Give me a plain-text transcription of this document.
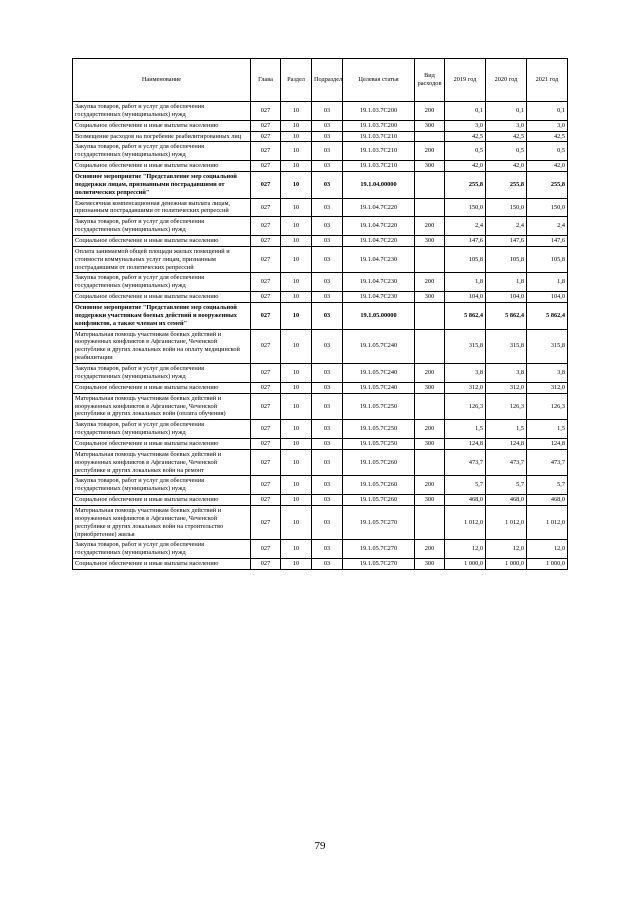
Наименование	Глава	Раздел	Подраздел	Целевая статья	Вид расходов	2019 год	2020 год	2021 год
Закупка товаров, работ и услуг для обеспечения государственных (муниципальных) нужд	027	10	03	19.1.03.7С200	200	0,1	0,1	0,1
Социальное обеспечение и иные выплаты населению	027	10	03	19.1.03.7С200	300	3,0	3,0	3,0
Возмещение расходов на погребение реабилитированных лиц	027	10	03	19.1.03.7С210		42,5	42,5	42,5
Закупка товаров, работ и услуг для обеспечения государственных (муниципальных) нужд	027	10	03	19.1.03.7С210	200	0,5	0,5	0,5
Социальное обеспечение и иные выплаты населению	027	10	03	19.1.03.7С210	300	42,0	42,0	42,0
Основное мероприятие "Представление мер социальной поддержки лицам, признанными пострадавшими от политических репрессий"	027	10	03	19.1.04.00000		255,8	255,8	255,8
Ежемесячная компенсационная денежная выплата лицам, признанным пострадавшими от политических репрессий	027	10	03	19.1.04.7С220		150,0	150,0	150,0
Закупка товаров, работ и услуг для обеспечения государственных (муниципальных) нужд	027	10	03	19.1.04.7С220	200	2,4	2,4	2,4
Социальное обеспечение и иные выплаты населению	027	10	03	19.1.04.7С220	300	147,6	147,6	147,6
Оплата занимаемой общей площади жилых помещений и стоимости коммунальных услуг лицам, признанным пострадавшими от политических репрессий	027	10	03	19.1.04.7С230		105,8	105,8	105,8
Закупка товаров, работ и услуг для обеспечения государственных (муниципальных) нужд	027	10	03	19.1.04.7С230	200	1,8	1,8	1,8
Социальное обеспечение и иные выплаты населению	027	10	03	19.1.04.7С230	300	104,0	104,0	104,0
Основное мероприятие "Представление мер социальной поддержки участникам боевых действий и вооруженных конфликтов, а также членам их семей"	027	10	03	19.1.05.00000		5 862,4	5 862,4	5 862,4
Материальная помощь участникам боевых действий и вооруженных конфликтов в Афганистане, Чеченской республике и других локальных войн на оплату медицинской реабилитации	027	10	03	19.1.05.7С240		315,8	315,8	315,8
Закупка товаров, работ и услуг для обеспечения государственных (муниципальных) нужд	027	10	03	19.1.05.7С240	200	3,8	3,8	3,8
Социальное обеспечение и иные выплаты населению	027	10	03	19.1.05.7С240	300	312,0	312,0	312,0
Материальная помощь участникам боевых действий и вооруженных конфликтов в Афганистане, Чеченской республике и других локальных войн (оплата обучения)	027	10	03	19.1.05.7С250		126,3	126,3	126,3
Закупка товаров, работ и услуг для обеспечения государственных (муниципальных) нужд	027	10	03	19.1.05.7С250	200	1,5	1,5	1,5
Социальное обеспечение и иные выплаты населению	027	10	03	19.1.05.7С250	300	124,8	124,8	124,8
Материальная помощь участникам боевых действий и вооруженных конфликтов в Афганистане, Чеченской республике и других локальных войн на ремонт	027	10	03	19.1.05.7С260		473,7	473,7	473,7
Закупка товаров, работ и услуг для обеспечения государственных (муниципальных) нужд	027	10	03	19.1.05.7С260	200	5,7	5,7	5,7
Социальное обеспечение и иные выплаты населению	027	10	03	19.1.05.7С260	300	468,0	468,0	468,0
Материальная помощь участникам боевых действий и вооруженных конфликтов в Афганистане, Чеченской республике и других локальных войн на строительство (приобретение) жилья	027	10	03	19.1.05.7С270		1 012,0	1 012,0	1 012,0
Закупка товаров, работ и услуг для обеспечения государственных (муниципальных) нужд	027	10	03	19.1.05.7С270	200	12,0	12,0	12,0
Социальное обеспечение и иные выплаты населению	027	10	03	19.1.05.7С270	300	1 000,0	1 000,0	1 000,0
79
